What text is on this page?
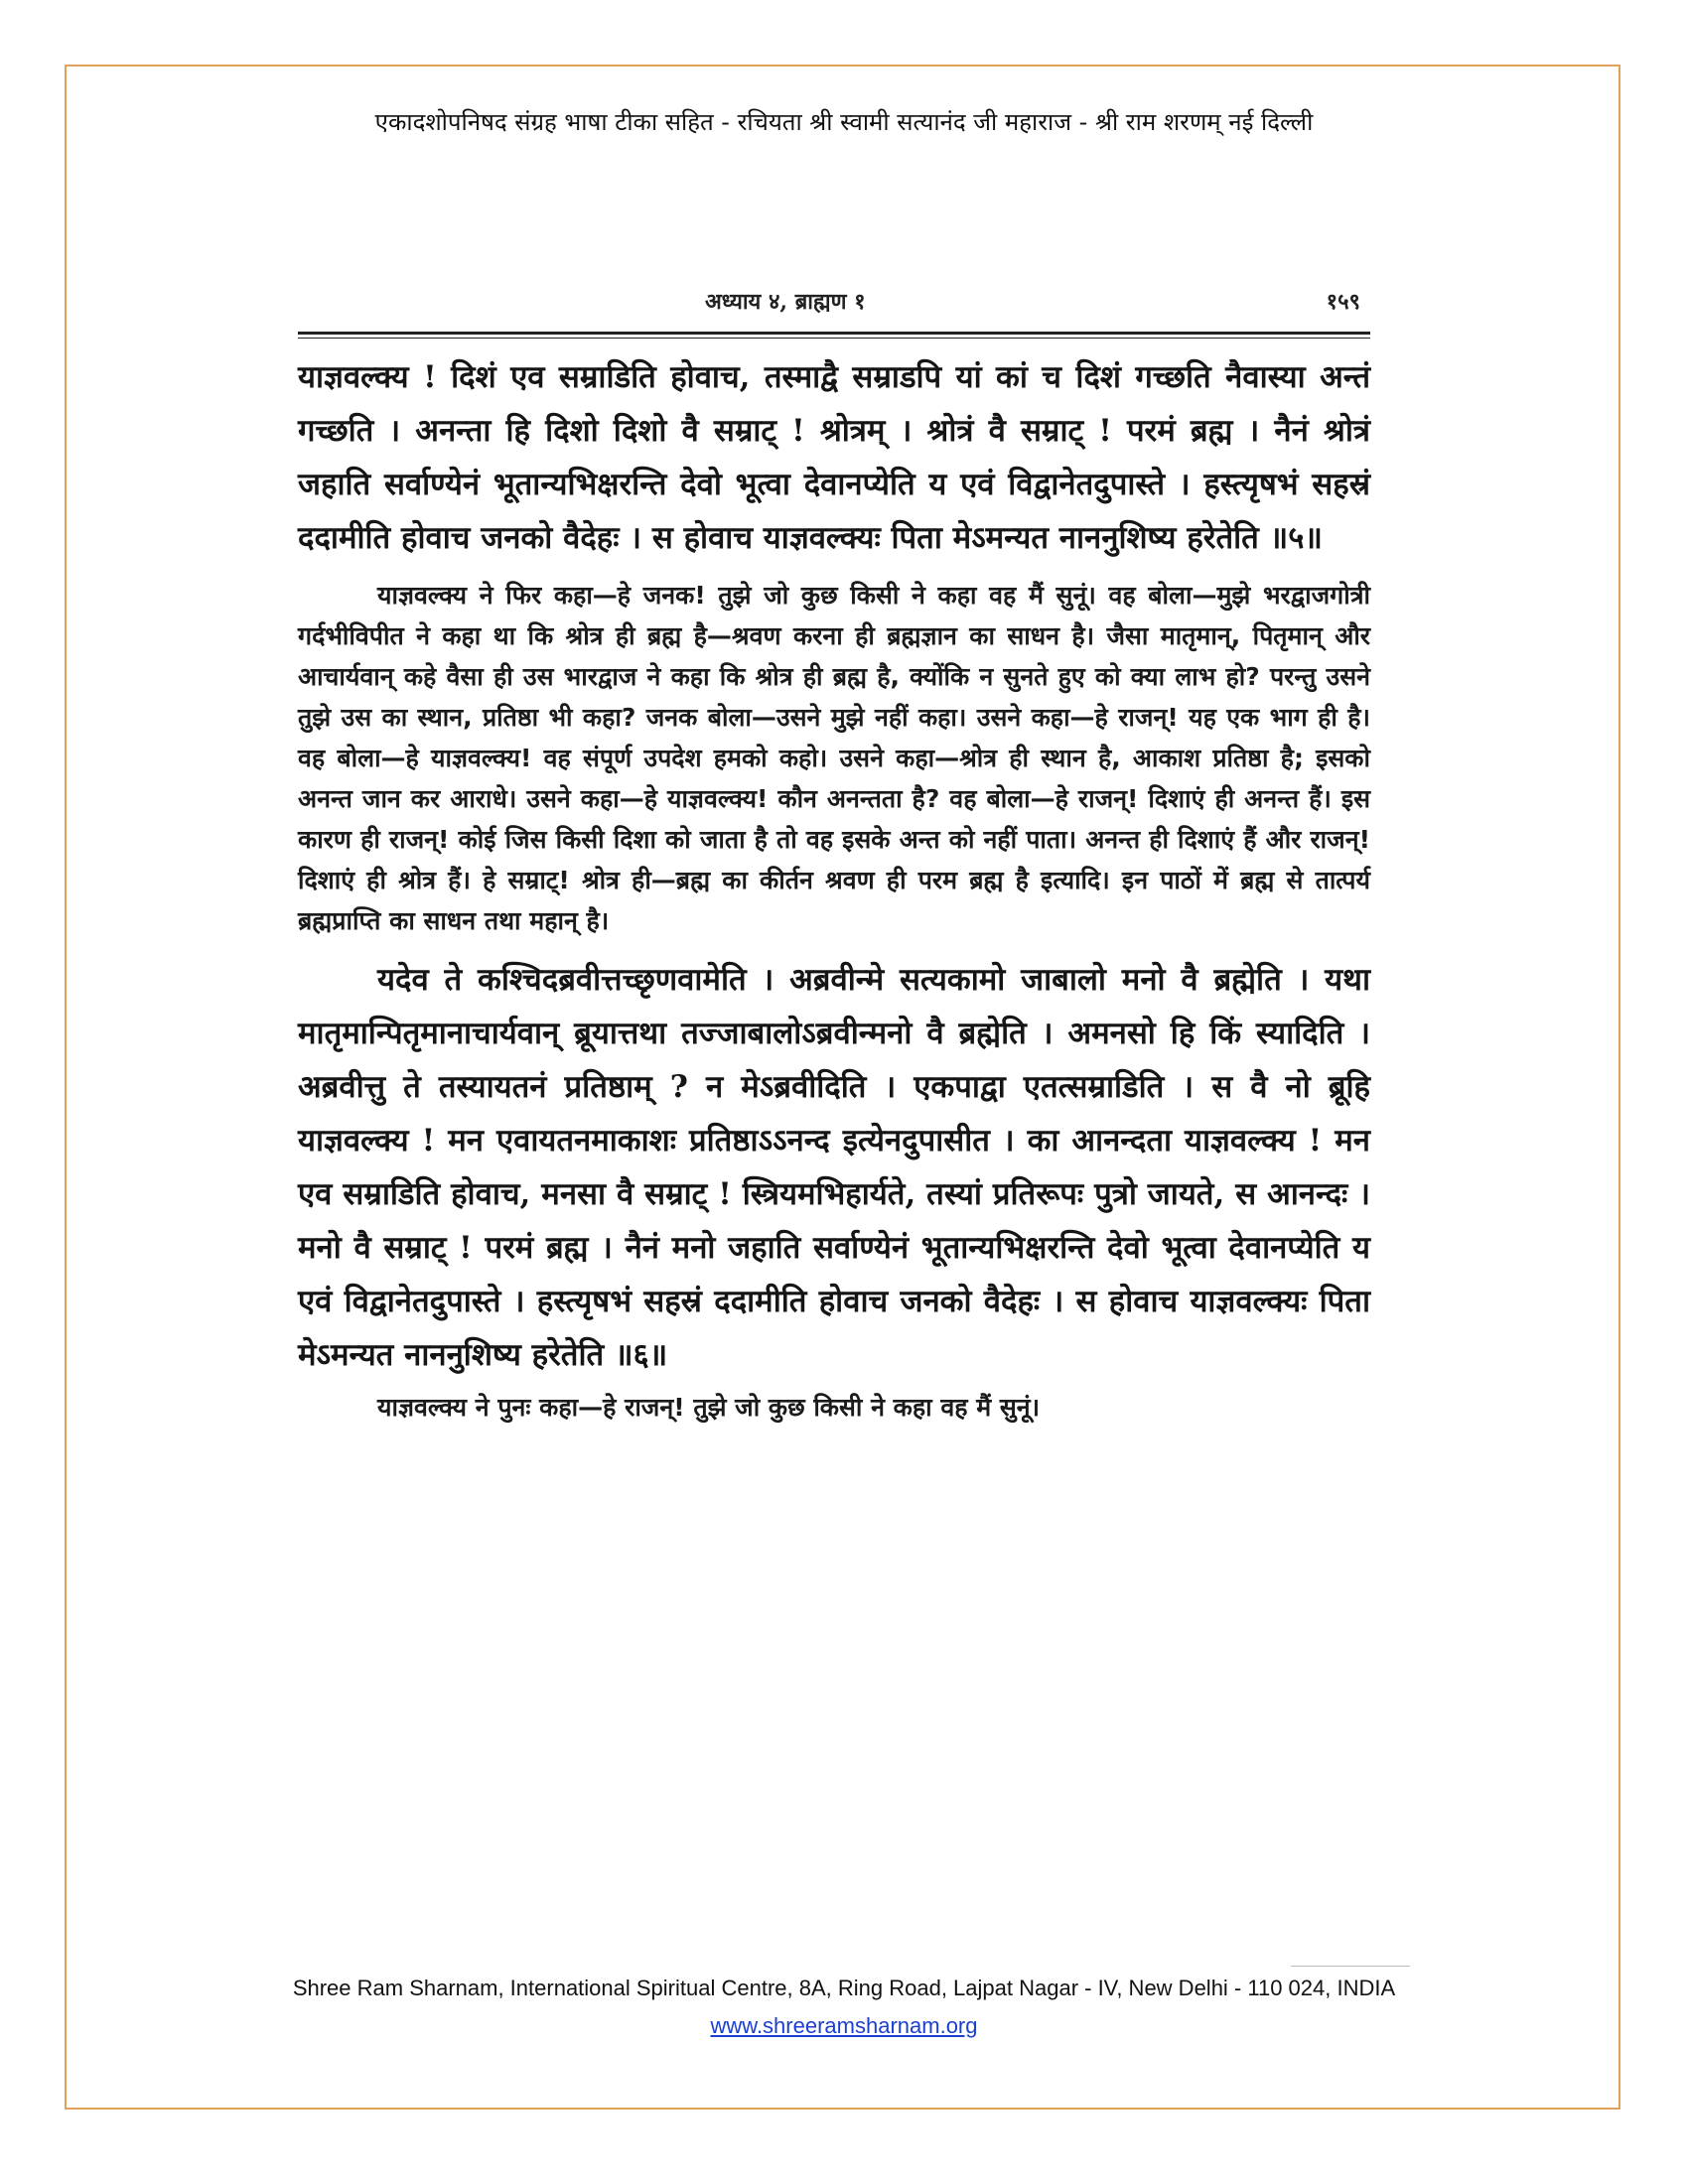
एकादशोपनिषद संग्रह भाषा टीका सहित - रचियता श्री स्वामी सत्यानंद जी महाराज - श्री राम शरणम् नई दिल्ली
अध्याय ४, ब्राह्मण १	१५९

याज्ञवल्क्य ! दिशं एव सम्राडिति होवाच, तस्माद्वै सम्राडपि यां कां च दिशं गच्छति नैवास्या अन्तं गच्छति । अनन्ता हि दिशो दिशो वै सम्राट् ! श्रोत्रम् । श्रोत्रं वै सम्राट् ! परमं ब्रह्म । नैनं श्रोत्रं जहाति सर्वाण्येनं भूतान्यभिक्षरन्ति देवो भूत्वा देवानप्येति य एवं विद्वानेतदुपास्ते । हस्त्यृषभं सहस्रं ददामीति होवाच जनको वैदेहः । स होवाच याज्ञवल्क्यः पिता मेऽमन्यत नाननुशिष्य हरेतेति ॥५॥

याज्ञवल्क्य ने फिर कहा—हे जनक! तुझे जो कुछ किसी ने कहा वह मैं सुनूं। वह बोला—मुझे भरद्वाजगोत्री गर्दभीविपीत ने कहा था कि श्रोत्र ही ब्रह्म है—श्रवण करना ही ब्रह्मज्ञान का साधन है। जैसा मातृमान्, पितृमान् और आचार्यवान् कहे वैसा ही उस भारद्वाज ने कहा कि श्रोत्र ही ब्रह्म है, क्योंकि न सुनते हुए को क्या लाभ हो? परन्तु उसने तुझे उस का स्थान, प्रतिष्ठा भी कहा? जनक बोला—उसने मुझे नहीं कहा। उसने कहा—हे राजन्! यह एक भाग ही है। वह बोला—हे याज्ञवल्क्य! वह संपूर्ण उपदेश हमको कहो। उसने कहा—श्रोत्र ही स्थान है, आकाश प्रतिष्ठा है; इसको अनन्त जान कर आराधे। उसने कहा—हे याज्ञवल्क्य! कौन अनन्तता है? वह बोला—हे राजन्! दिशाएं ही अनन्त हैं। इस कारण ही राजन्! कोई जिस किसी दिशा को जाता है तो वह इसके अन्त को नहीं पाता। अनन्त ही दिशाएं हैं और राजन्! दिशाएं ही श्रोत्र हैं। हे सम्राट्! श्रोत्र ही—ब्रह्म का कीर्तन श्रवण ही परम ब्रह्म है इत्यादि। इन पाठों में ब्रह्म से तात्पर्य ब्रह्मप्राप्ति का साधन तथा महान् है।

यदेव ते कश्चिदब्रवीत्तच्छृणवामेति । अब्रवीन्मे सत्यकामो जाबालो मनो वै ब्रह्मेति । यथा मातृमान्पितृमानाचार्यवान् ब्रूयात्तथा तज्जाबालोऽब्रवीन्मनो वै ब्रह्मेति । अमनसो हि किं स्यादिति । अब्रवीत्तु ते तस्यायतनं प्रतिष्ठाम् ? न मेऽब्रवीदिति । एकपाद्वा एतत्सम्राडिति । स वै नो ब्रूहि याज्ञवल्क्य ! मन एवायतनमाकाशः प्रतिष्ठाऽऽनन्द इत्येनदुपासीत । का आनन्दता याज्ञवल्क्य ! मन एव सम्राडिति होवाच, मनसा वै सम्राट् ! स्त्रियमभिहार्यते, तस्यां प्रतिरूपः पुत्रो जायते, स आनन्दः । मनो वै सम्राट् ! परमं ब्रह्म । नैनं मनो जहाति सर्वाण्येनं भूतान्यभिक्षरन्ति देवो भूत्वा देवानप्येति य एवं विद्वानेतदुपास्ते । हस्त्यृषभं सहस्रं ददामीति होवाच जनको वैदेहः । स होवाच याज्ञवल्क्यः पिता मेऽमन्यत नाननुशिष्य हरेतेति ॥६॥

याज्ञवल्क्य ने पुनः कहा—हे राजन्! तुझे जो कुछ किसी ने कहा वह मैं सुनूं।
Shree Ram Sharnam, International Spiritual Centre, 8A, Ring Road, Lajpat Nagar - IV, New Delhi - 110 024, INDIA
www.shreeramsharnam.org
